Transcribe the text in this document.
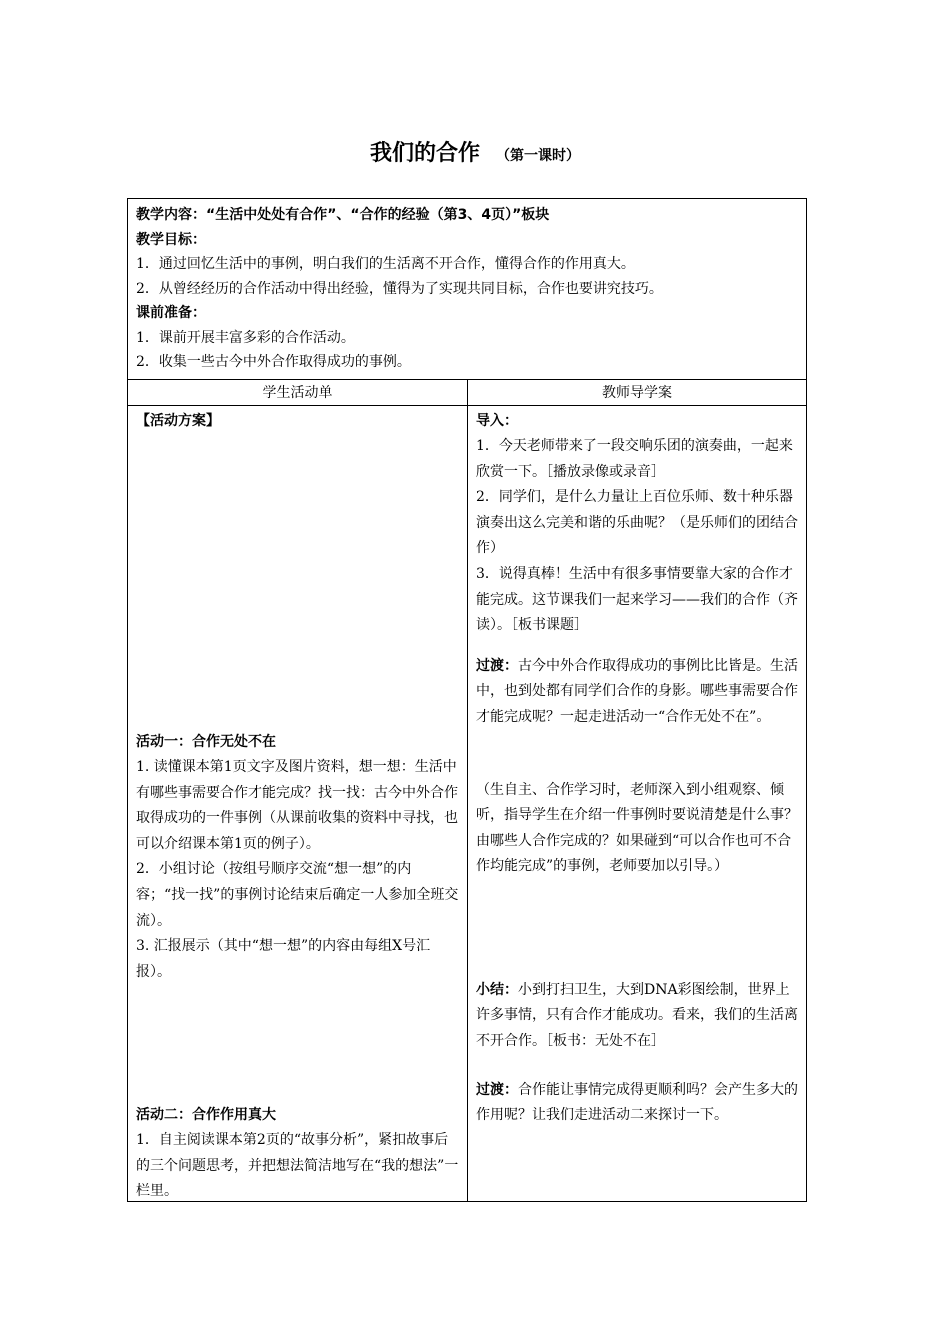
我们的合作 （第一课时）

教学内容：“生活中处处有合作”、“合作的经验（第3、4页）”板块

教学目标：

1．通过回忆生活中的事例，明白我们的生活离不开合作，懂得合作的作用真大。

2．从曾经经历的合作活动中得出经验，懂得为了实现共同目标，合作也要讲究技巧。

课前准备：

1．课前开展丰富多彩的合作活动。

2．收集一些古今中外合作取得成功的事例。

学生活动单	教师导学案

【活动方案】

活动一：合作无处不在

1. 读懂课本第1页文字及图片资料，想一想：生活中有哪些事需要合作才能完成？找一找：古今中外合作取得成功的一件事例（从课前收集的资料中寻找，也可以介绍课本第1页的例子）。

2．小组讨论（按组号顺序交流“想一想”的内容；“找一找”的事例讨论结束后确定一人参加全班交流）。

3. 汇报展示（其中“想一想”的内容由每组X号汇报）。

活动二：合作作用真大

1．自主阅读课本第2页的“故事分析”，紧扣故事后的三个问题思考，并把想法简洁地写在“我的想法”一栏里。

导入：

1．今天老师带来了一段交响乐团的演奏曲，一起来欣赏一下。［播放录像或录音］

2．同学们，是什么力量让上百位乐师、数十种乐器演奏出这么完美和谐的乐曲呢？（是乐师们的团结合作）

3．说得真棒！生活中有很多事情要靠大家的合作才能完成。这节课我们一起来学习——我们的合作（齐读）。［板书课题］

过渡：古今中外合作取得成功的事例比比皆是。生活中，也到处都有同学们合作的身影。哪些事需要合作才能完成呢？一起走进活动一“合作无处不在”。

（生自主、合作学习时，老师深入到小组观察、倾听，指导学生在介绍一件事例时要说清楚是什么事？由哪些人合作完成的？如果碰到“可以合作也可不合作均能完成”的事例，老师要加以引导。）

小结：小到打扫卫生，大到DNA彩图绘制，世界上许多事情，只有合作才能成功。看来，我们的生活离不开合作。［板书：无处不在］

过渡：合作能让事情完成得更顺利吗？会产生多大的作用呢？让我们走进活动二来探讨一下。
